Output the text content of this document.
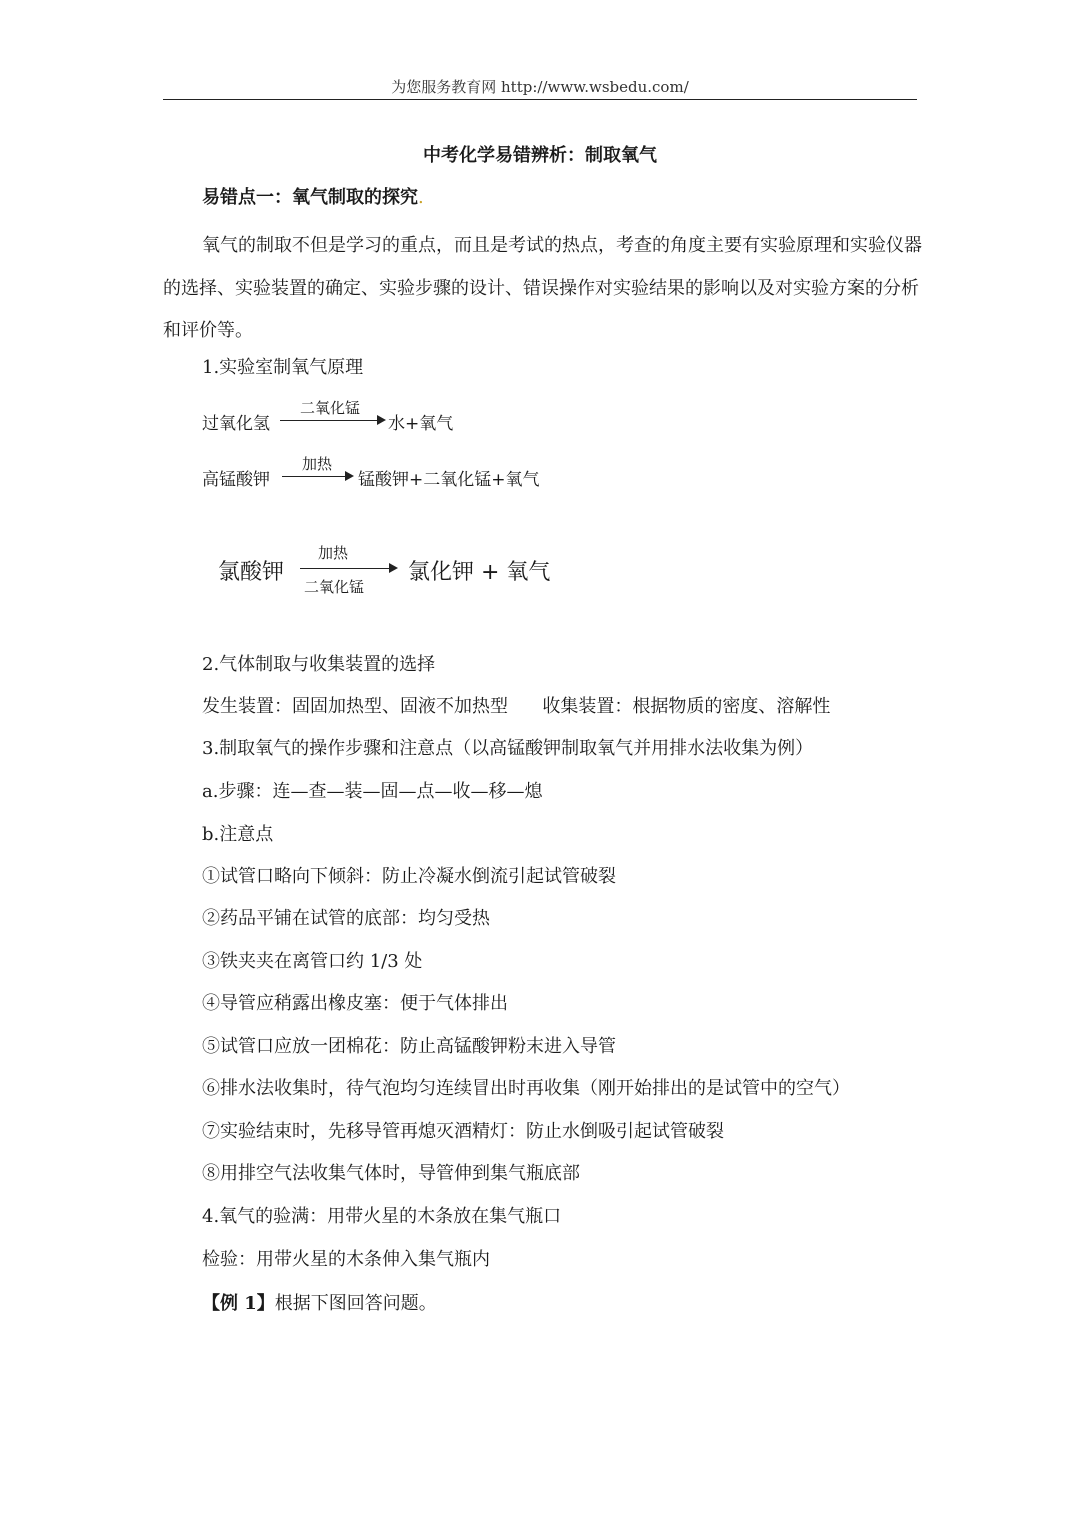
为您服务教育网 http://www.wsbedu.com/
中考化学易错辨析：制取氧气
易错点一：氧气制取的探究.
氧气的制取不但是学习的重点，而且是考试的热点，考查的角度主要有实验原理和实验仪器的选择、实验装置的确定、实验步骤的设计、错误操作对实验结果的影响以及对实验方案的分析和评价等。
1.实验室制氧气原理
过氧化氢
二氧化锰
水+氧气
高锰酸钾
加热
锰酸钾+二氧化锰+氧气
氯酸钾
加热
二氧化锰
氯化钾 + 氧气
2.气体制取与收集装置的选择
发生装置：固固加热型、固液不加热型      收集装置：根据物质的密度、溶解性
3.制取氧气的操作步骤和注意点（以高锰酸钾制取氧气并用排水法收集为例）
a.步骤：连—查—装—固—点—收—移—熄
b.注意点
①试管口略向下倾斜：防止冷凝水倒流引起试管破裂
②药品平铺在试管的底部：均匀受热
③铁夹夹在离管口约 1/3 处
④导管应稍露出橡皮塞：便于气体排出
⑤试管口应放一团棉花：防止高锰酸钾粉末进入导管
⑥排水法收集时，待气泡均匀连续冒出时再收集（刚开始排出的是试管中的空气）
⑦实验结束时，先移导管再熄灭酒精灯：防止水倒吸引起试管破裂
⑧用排空气法收集气体时，导管伸到集气瓶底部
4.氧气的验满：用带火星的木条放在集气瓶口
检验：用带火星的木条伸入集气瓶内
【例 1】根据下图回答问题。
